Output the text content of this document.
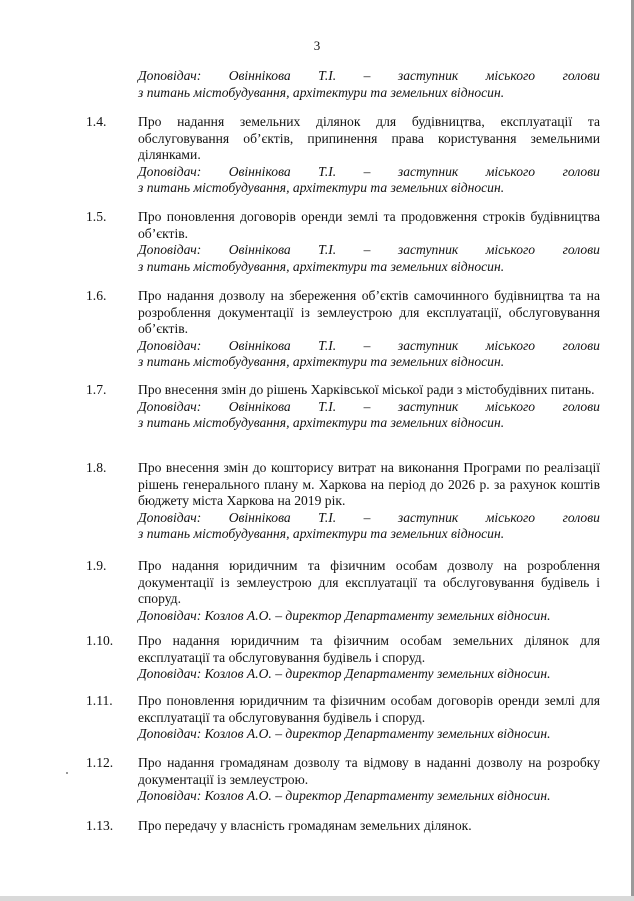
3
Доповідач: Овіннікова Т.І. – заступник міського голови
з питань містобудування, архітектури та земельних відносин.
1.4.	Про надання земельних ділянок для будівництва, експлуатації та обслуговування об’єктів, припинення права користування земельними ділянками.
Доповідач: Овіннікова Т.І. – заступник міського голови
з питань містобудування, архітектури та земельних відносин.
1.5.	Про поновлення договорів оренди землі та продовження строків будівництва об’єктів.
Доповідач: Овіннікова Т.І. – заступник міського голови
з питань містобудування, архітектури та земельних відносин.
1.6.	Про надання дозволу на збереження об’єктів самочинного будівництва та на розроблення документації із землеустрою для експлуатації, обслуговування об’єктів.
Доповідач: Овіннікова Т.І. – заступник міського голови
з питань містобудування, архітектури та земельних відносин.
1.7.	Про внесення змін до рішень Харківської міської ради з містобудівних питань.
Доповідач: Овіннікова Т.І. – заступник міського голови
з питань містобудування, архітектури та земельних відносин.
1.8.	Про внесення змін до кошторису витрат на виконання Програми по реалізації рішень генерального плану м. Харкова на період до 2026 р. за рахунок коштів бюджету міста Харкова на 2019 рік.
Доповідач: Овіннікова Т.І. – заступник міського голови
з питань містобудування, архітектури та земельних відносин.
1.9.	Про надання юридичним та фізичним особам дозволу на розроблення документації із землеустрою для експлуатації та обслуговування будівель і споруд.
Доповідач: Козлов А.О. – директор Департаменту земельних відносин.
1.10.	Про надання юридичним та фізичним особам земельних ділянок для експлуатації та обслуговування будівель і споруд.
Доповідач: Козлов А.О. – директор Департаменту земельних відносин.
1.11.	Про поновлення юридичним та фізичним особам договорів оренди землі для експлуатації та обслуговування будівель і споруд.
Доповідач: Козлов А.О. – директор Департаменту земельних відносин.
1.12.	Про надання громадянам дозволу та відмову в наданні дозволу на розробку документації із землеустрою.
Доповідач: Козлов А.О. – директор Департаменту земельних відносин.
1.13.	Про передачу у власність громадянам земельних ділянок.
